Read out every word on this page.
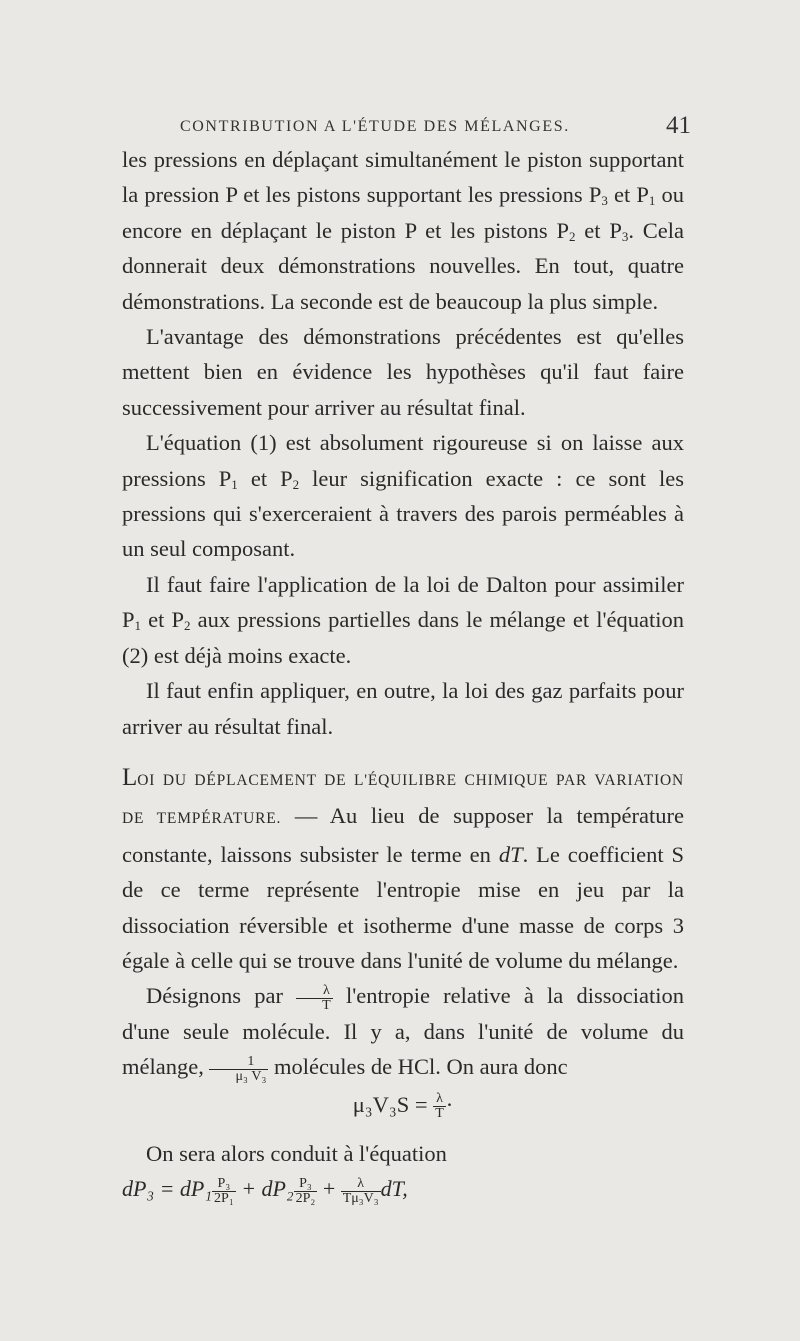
CONTRIBUTION A L'ÉTUDE DES MÉLANGES.	41

les pressions en déplaçant simultanément le piston supportant la pression P et les pistons supportant les pressions $P_3$ et $P_1$ ou encore en déplaçant le piston P et les pistons $P_2$ et $P_3$. Cela donnerait deux démonstrations nouvelles. En tout, quatre démonstrations. La seconde est de beaucoup la plus simple.

L'avantage des démonstrations précédentes est qu'elles mettent bien en évidence les hypothèses qu'il faut faire successivement pour arriver au résultat final.

L'équation (1) est absolument rigoureuse si on laisse aux pressions $P_1$ et $P_2$ leur signification exacte : ce sont les pressions qui s'exerceraient à travers des parois perméables à un seul composant.

Il faut faire l'application de la loi de Dalton pour assimiler $P_1$ et $P_2$ aux pressions partielles dans le mélange et l'équation (2) est déjà moins exacte.

Il faut enfin appliquer, en outre, la loi des gaz parfaits pour arriver au résultat final.

LOI DU DÉPLACEMENT DE L'ÉQUILIBRE CHIMIQUE PAR VARIATION DE TEMPÉRATURE. — Au lieu de supposer la température constante, laissons subsister le terme en dT. Le coefficient S de ce terme représente l'entropie mise en jeu par la dissociation réversible et isotherme d'une masse de corps 3 égale à celle qui se trouve dans l'unité de volume du mélange.

Désignons par $\frac{\lambda}{T}$ l'entropie relative à la dissociation d'une seule molécule. Il y a, dans l'unité de volume du mélange, $\frac{1}{\text{μ₃ V₃}}$ molécules de HCl. On aura donc

$\mu_3V_3S = \frac{\lambda}{T}$ ·

On sera alors conduit à l'équation

$dP_3 = dP_1 \frac{\text{P₃}}{\text{2P₁}} + dP_2 \frac{\text{P₃}}{\text{2P₂}} + \frac{\lambda}{\text{Tμ₃V₃}}$ dT,
